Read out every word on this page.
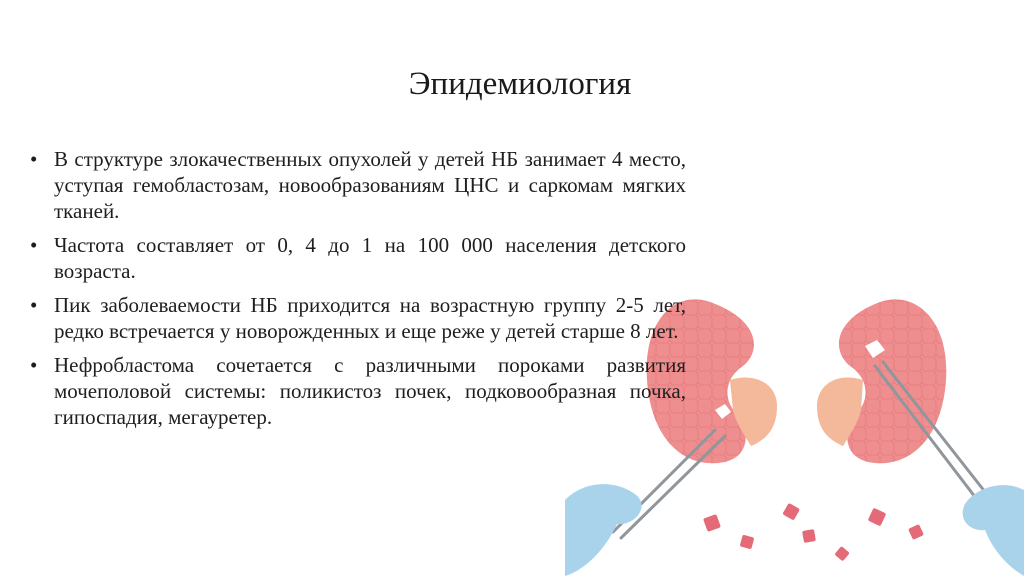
Эпидемиология
• В структуре злокачественных опухолей у детей НБ занимает 4 место, уступая гемобластозам, новообразованиям ЦНС и саркомам мягких тканей.
• Частота составляет от 0, 4 до 1 на 100 000 населения детского возраста.
• Пик заболеваемости НБ приходится на возрастную группу 2-5 лет, редко встречается у новорожденных и еще реже у детей старше 8 лет.
• Нефробластома сочетается с различными пороками развития мочеполовой системы: поликистоз почек, подковообразная почка, гипоспадия, мегауретер.
